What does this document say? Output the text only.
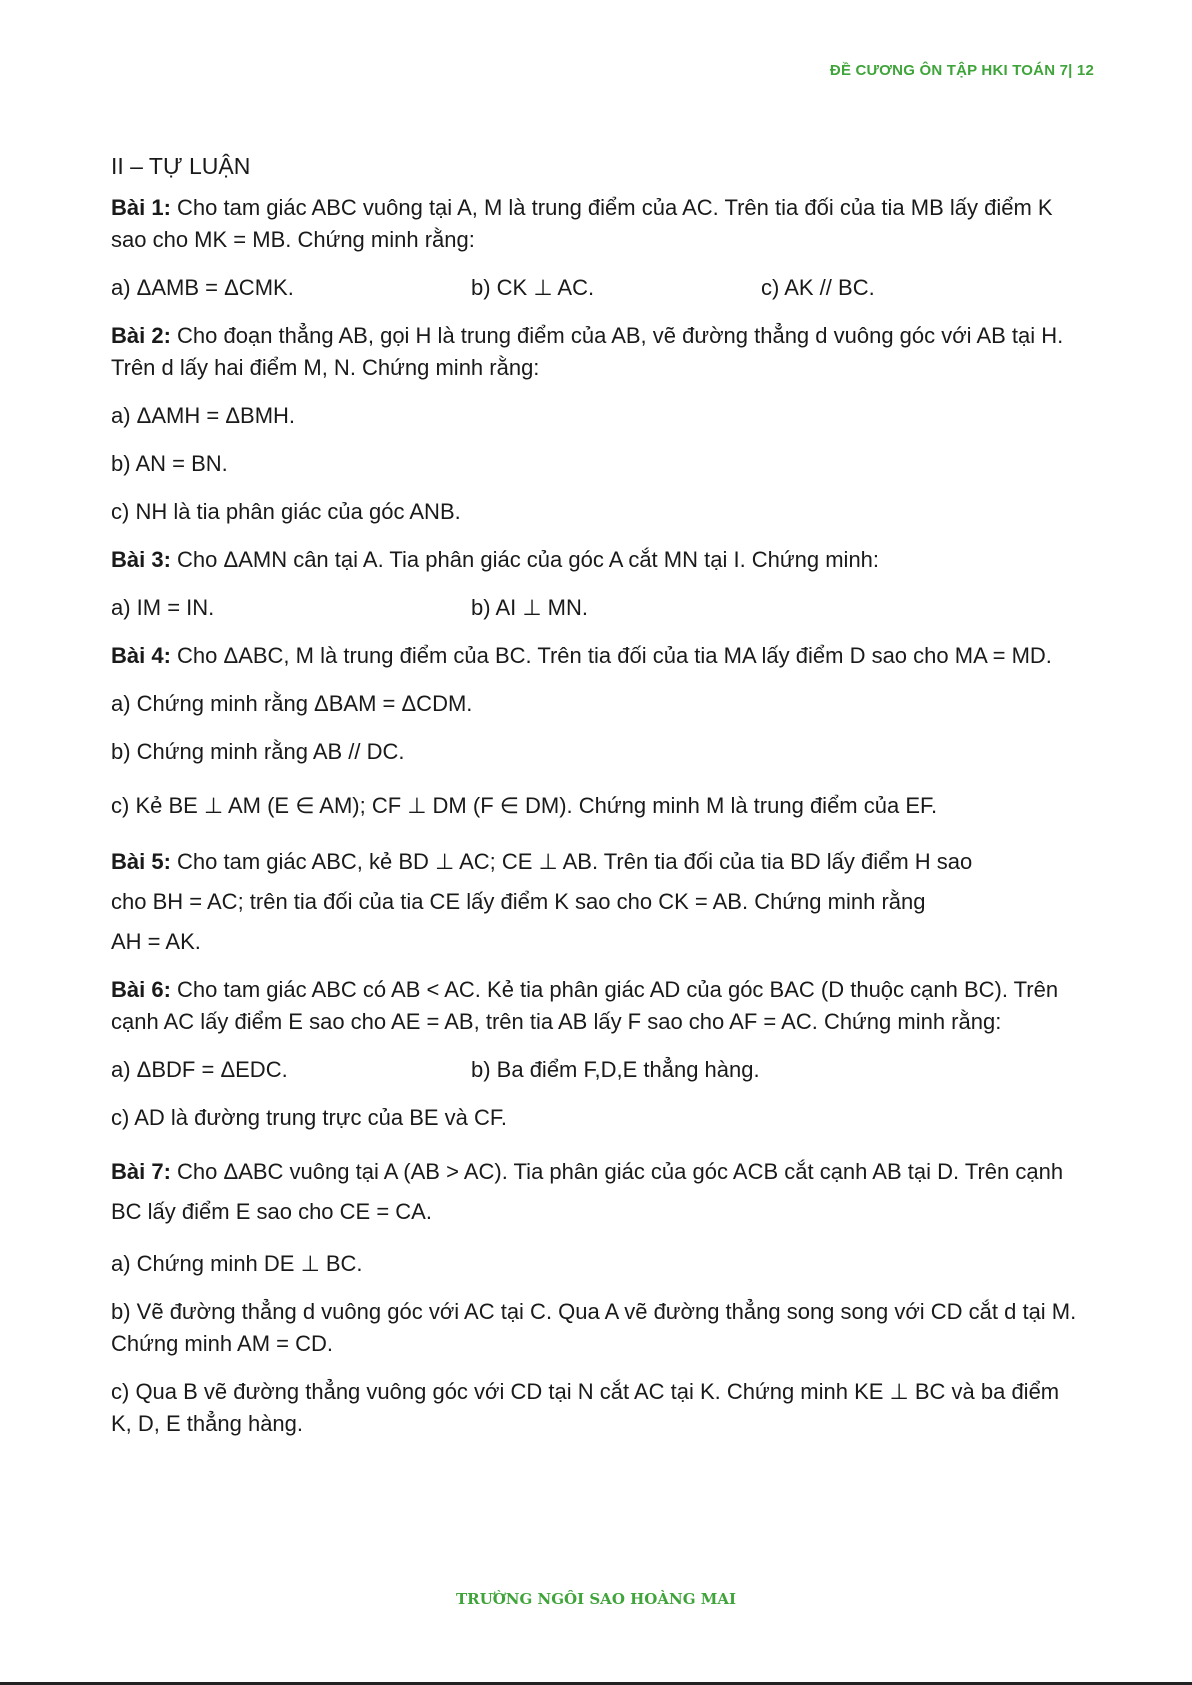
ĐỀ CƯƠNG ÔN TẬP HKI TOÁN 7| 12
II – TỰ LUẬN

Bài 1: Cho tam giác ABC vuông tại A, M là trung điểm của AC. Trên tia đối của tia MB lấy điểm K sao cho MK = MB. Chứng minh rằng:

a) ΔAMB = ΔCMK.	b) CK ⊥ AC.	c) AK // BC.

Bài 2: Cho đoạn thẳng AB, gọi H là trung điểm của AB, vẽ đường thẳng d vuông góc với AB tại H. Trên d lấy hai điểm M, N. Chứng minh rằng:

a) ΔAMH = ΔBMH.
b) AN = BN.
c) NH là tia phân giác của góc ANB.

Bài 3: Cho ΔAMN cân tại A. Tia phân giác của góc A cắt MN tại I. Chứng minh:

a) IM = IN.	b) AI ⊥ MN.

Bài 4: Cho ΔABC, M là trung điểm của BC. Trên tia đối của tia MA lấy điểm D sao cho MA = MD.

a) Chứng minh rằng ΔBAM = ΔCDM.
b) Chứng minh rằng AB // DC.
c) Kẻ BE ⊥ AM (E ∈ AM); CF ⊥ DM (F ∈ DM). Chứng minh M là trung điểm của EF.
Bài 5: Cho tam giác ABC, kẻ BD ⊥ AC; CE ⊥ AB. Trên tia đối của tia BD lấy điểm H sao
cho BH = AC; trên tia đối của tia CE lấy điểm K sao cho CK = AB. Chứng minh rằng
AH = AK.

Bài 6: Cho tam giác ABC có AB < AC. Kẻ tia phân giác AD của góc BAC (D thuộc cạnh BC). Trên cạnh AC lấy điểm E sao cho AE = AB, trên tia AB lấy F sao cho AF = AC. Chứng minh rằng:

a) ΔBDF = ΔEDC.	b) Ba điểm F,D,E thẳng hàng.
c) AD là đường trung trực của BE và CF.

Bài 7: Cho ΔABC vuông tại A (AB > AC). Tia phân giác của góc ACB cắt cạnh AB tại D. Trên cạnh BC lấy điểm E sao cho CE = CA.

a) Chứng minh DE ⊥ BC.
b) Vẽ đường thẳng d vuông góc với AC tại C. Qua A vẽ đường thẳng song song với CD cắt d tại M. Chứng minh AM = CD.
c) Qua B vẽ đường thẳng vuông góc với CD tại N cắt AC tại K. Chứng minh KE ⊥ BC và ba điểm K, D, E thẳng hàng.
TRƯỜNG NGÔI SAO HOÀNG MAI
